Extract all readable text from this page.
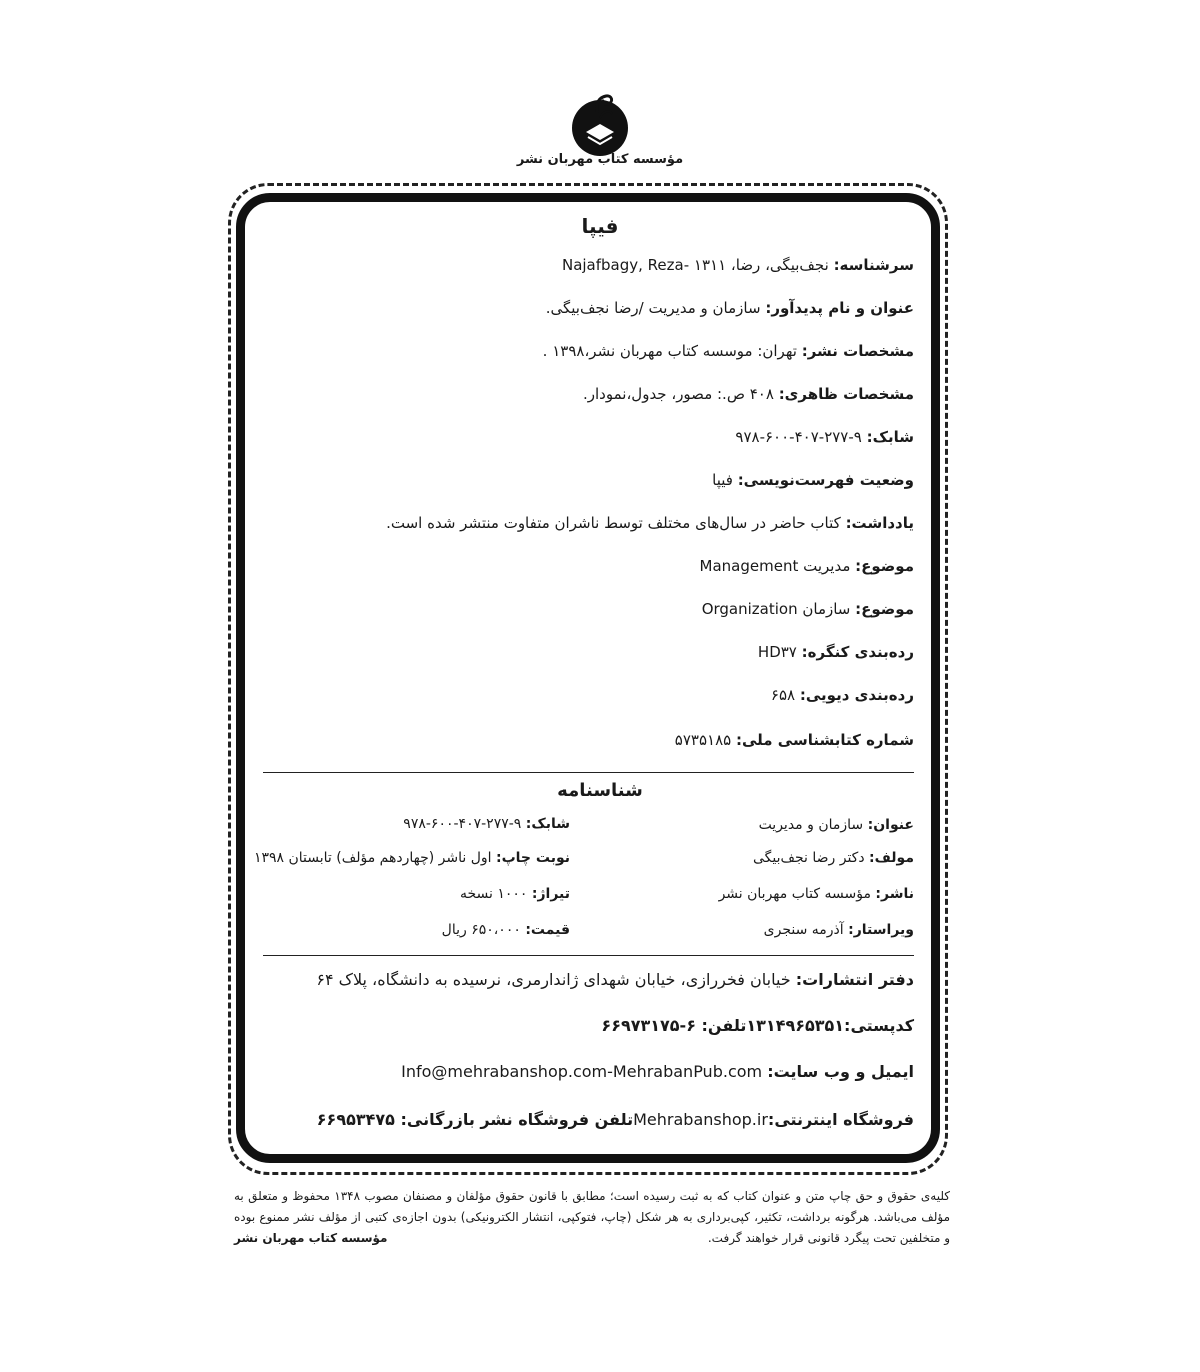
مؤسسه کتاب مهربان نشر
فیپا
سرشناسه: نجف‌بیگی، رضا، ۱۳۱۱ -Najafbagy, Reza
عنوان و نام پدیدآور: سازمان و مدیریت /رضا نجف‌بیگی.
مشخصات نشر: تهران: موسسه کتاب مهربان نشر،۱۳۹۸ .
مشخصات ظاهری: ۴۰۸ ص.: مصور، جدول،نمودار.
شابک: ۹-۲۷۷-۴۰۷-۶۰۰-۹۷۸
وضعیت فهرست‌نویسی: فیپا
یادداشت: کتاب حاضر در سال‌های مختلف توسط ناشران متفاوت منتشر شده است.
موضوع: مدیریت Management
موضوع: سازمان Organization
رده‌بندی کنگره: HD۳۷
رده‌بندی دیویی: ۶۵۸
شماره کتابشناسی ملی: ۵۷۳۵۱۸۵
شناسنامه
عنوان: سازمان و مدیریت
مولف: دکتر رضا نجف‌بیگی
ناشر: مؤسسه کتاب مهربان نشر
ویراستار: آذرمه سنجری
شابک: ۹-۲۷۷-۴۰۷-۶۰۰-۹۷۸
نوبت چاپ: اول ناشر (چهاردهم مؤلف) تابستان ۱۳۹۸
تیراژ: ۱۰۰۰ نسخه
قیمت: ۶۵۰،۰۰۰ ریال
دفتر انتشارات: خیابان فخررازی، خیابان شهدای ژاندارمری، نرسیده به دانشگاه، پلاک ۶۴
کدپستی:۱۳۱۴۹۶۵۳۵۱تلفن: ۶-۶۶۹۷۳۱۷۵
ایمیل و وب سایت: Info@mehrabanshop.com-MehrabanPub.com
فروشگاه اینترنتی:Mehrabanshop.irتلفن فروشگاه نشر بازرگانی: ۶۶۹۵۳۴۷۵
کلیه‌ی حقوق و حق چاپ متن و عنوان کتاب که به ثبت رسیده است؛ مطابق با قانون حقوق مؤلفان و مصنفان مصوب ۱۳۴۸ محفوظ و متعلق به مؤلف می‌باشد. هرگونه برداشت، تکثیر، کپی‌برداری به هر شکل (چاپ، فتوکپی، انتشار الکترونیکی) بدون اجازه‌ی کتبی از مؤلف نشر ممنوع بوده و متخلفین تحت پیگرد قانونی قرار خواهند گرفت.
مؤسسه کتاب مهربان نشر
